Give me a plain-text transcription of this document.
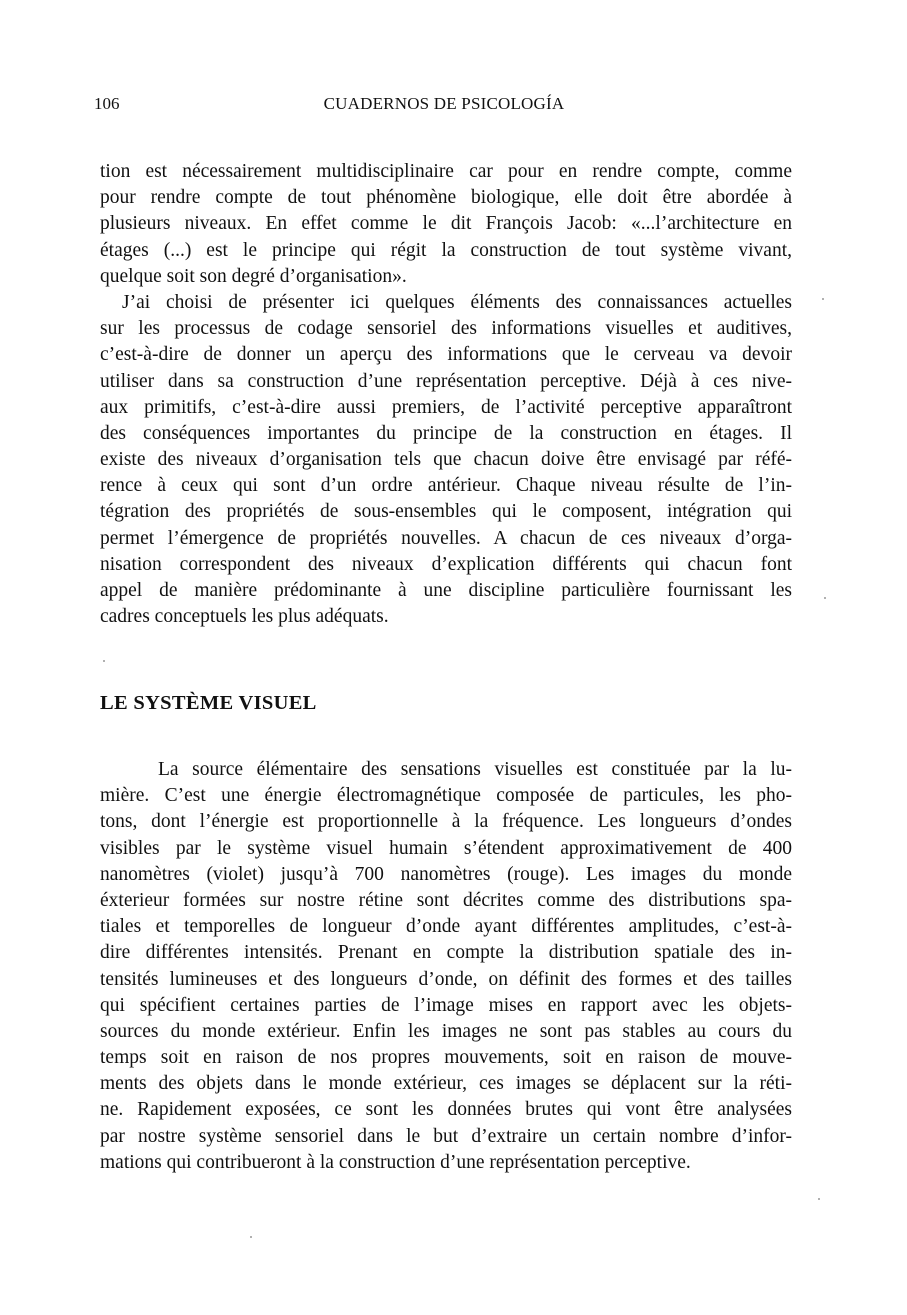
106	CUADERNOS DE PSICOLOGÍA
tion est nécessairement multidisciplinaire car pour en rendre compte, comme
pour rendre compte de tout phénomène biologique, elle doit être abordée à
plusieurs niveaux. En effet comme le dit François Jacob: «...l’architecture en
étages (...) est le principe qui régit la construction de tout système vivant,
quelque soit son degré d’organisation».
J’ai choisi de présenter ici quelques éléments des connaissances actuelles
sur les processus de codage sensoriel des informations visuelles et auditives,
c’est-à-dire de donner un aperçu des informations que le cerveau va devoir
utiliser dans sa construction d’une représentation perceptive. Déjà à ces nive-
aux primitifs, c’est-à-dire aussi premiers, de l’activité perceptive apparaîtront
des conséquences importantes du principe de la construction en étages. Il
existe des niveaux d’organisation tels que chacun doive être envisagé par réfé-
rence à ceux qui sont d’un ordre antérieur. Chaque niveau résulte de l’in-
tégration des propriétés de sous-ensembles qui le composent, intégration qui
permet l’émergence de propriétés nouvelles. A chacun de ces niveaux d’orga-
nisation correspondent des niveaux d’explication différents qui chacun font
appel de manière prédominante à une discipline particulière fournissant les
cadres conceptuels les plus adéquats.
LE SYSTÈME VISUEL
La source élémentaire des sensations visuelles est constituée par la lu-
mière. C’est une énergie électromagnétique composée de particules, les pho-
tons, dont l’énergie est proportionnelle à la fréquence. Les longueurs d’ondes
visibles par le système visuel humain s’étendent approximativement de 400
nanomètres (violet) jusqu’à 700 nanomètres (rouge). Les images du monde
éxterieur formées sur nostre rétine sont décrites comme des distributions spa-
tiales et temporelles de longueur d’onde ayant différentes amplitudes, c’est-à-
dire différentes intensités. Prenant en compte la distribution spatiale des in-
tensités lumineuses et des longueurs d’onde, on définit des formes et des tailles
qui spécifient certaines parties de l’image mises en rapport avec les objets-
sources du monde extérieur. Enfin les images ne sont pas stables au cours du
temps soit en raison de nos propres mouvements, soit en raison de mouve-
ments des objets dans le monde extérieur, ces images se déplacent sur la réti-
ne. Rapidement exposées, ce sont les données brutes qui vont être analysées
par nostre système sensoriel dans le but d’extraire un certain nombre d’infor-
mations qui contribueront à la construction d’une représentation perceptive.
